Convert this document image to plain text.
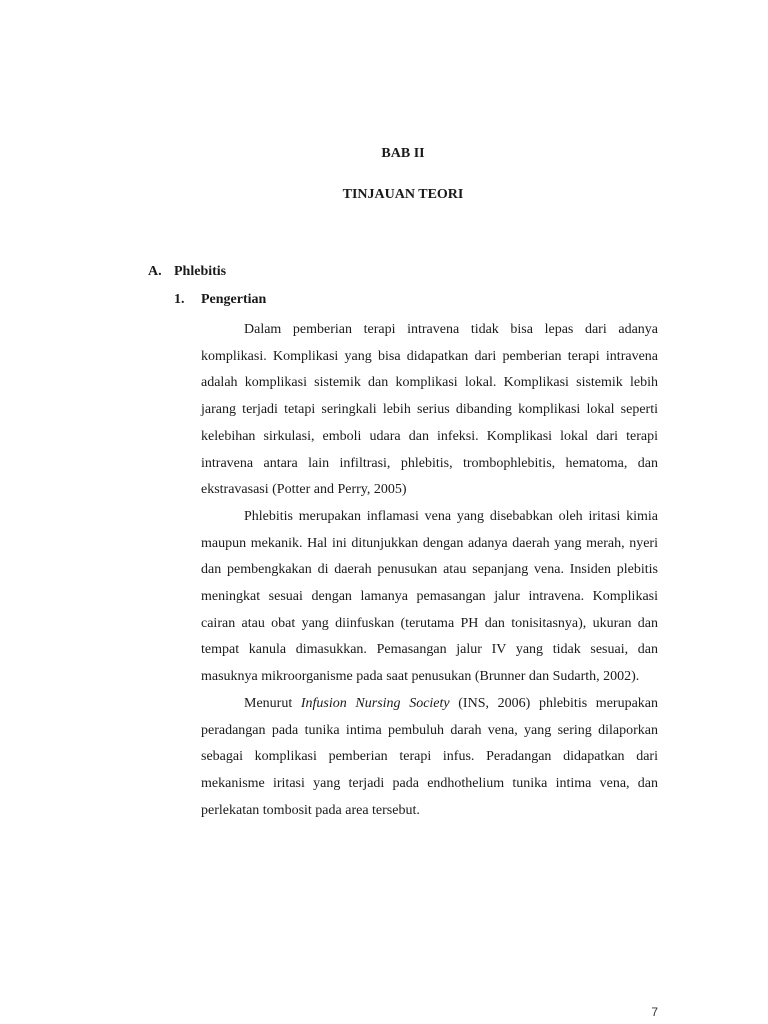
BAB II
TINJAUAN TEORI
A. Phlebitis
1. Pengertian

Dalam pemberian terapi intravena tidak bisa lepas dari adanya komplikasi. Komplikasi yang bisa didapatkan dari pemberian terapi intravena adalah komplikasi sistemik dan komplikasi lokal. Komplikasi sistemik lebih jarang terjadi tetapi seringkali lebih serius dibanding komplikasi lokal seperti kelebihan sirkulasi, emboli udara dan infeksi. Komplikasi lokal dari terapi intravena antara lain infiltrasi, phlebitis, trombophlebitis, hematoma, dan ekstravasasi (Potter and Perry, 2005)

Phlebitis merupakan inflamasi vena yang disebabkan oleh iritasi kimia maupun mekanik. Hal ini ditunjukkan dengan adanya daerah yang merah, nyeri dan pembengkakan di daerah penusukan atau sepanjang vena. Insiden plebitis meningkat sesuai dengan lamanya pemasangan jalur intravena. Komplikasi cairan atau obat yang diinfuskan (terutama PH dan tonisitasnya), ukuran dan tempat kanula dimasukkan. Pemasangan jalur IV yang tidak sesuai, dan masuknya mikroorganisme pada saat penusukan (Brunner dan Sudarth, 2002).

Menurut Infusion Nursing Society (INS, 2006) phlebitis merupakan peradangan pada tunika intima pembuluh darah vena, yang sering dilaporkan sebagai komplikasi pemberian terapi infus. Peradangan didapatkan dari mekanisme iritasi yang terjadi pada endhothelium tunika intima vena, dan perlekatan tombosit pada area tersebut.

7
